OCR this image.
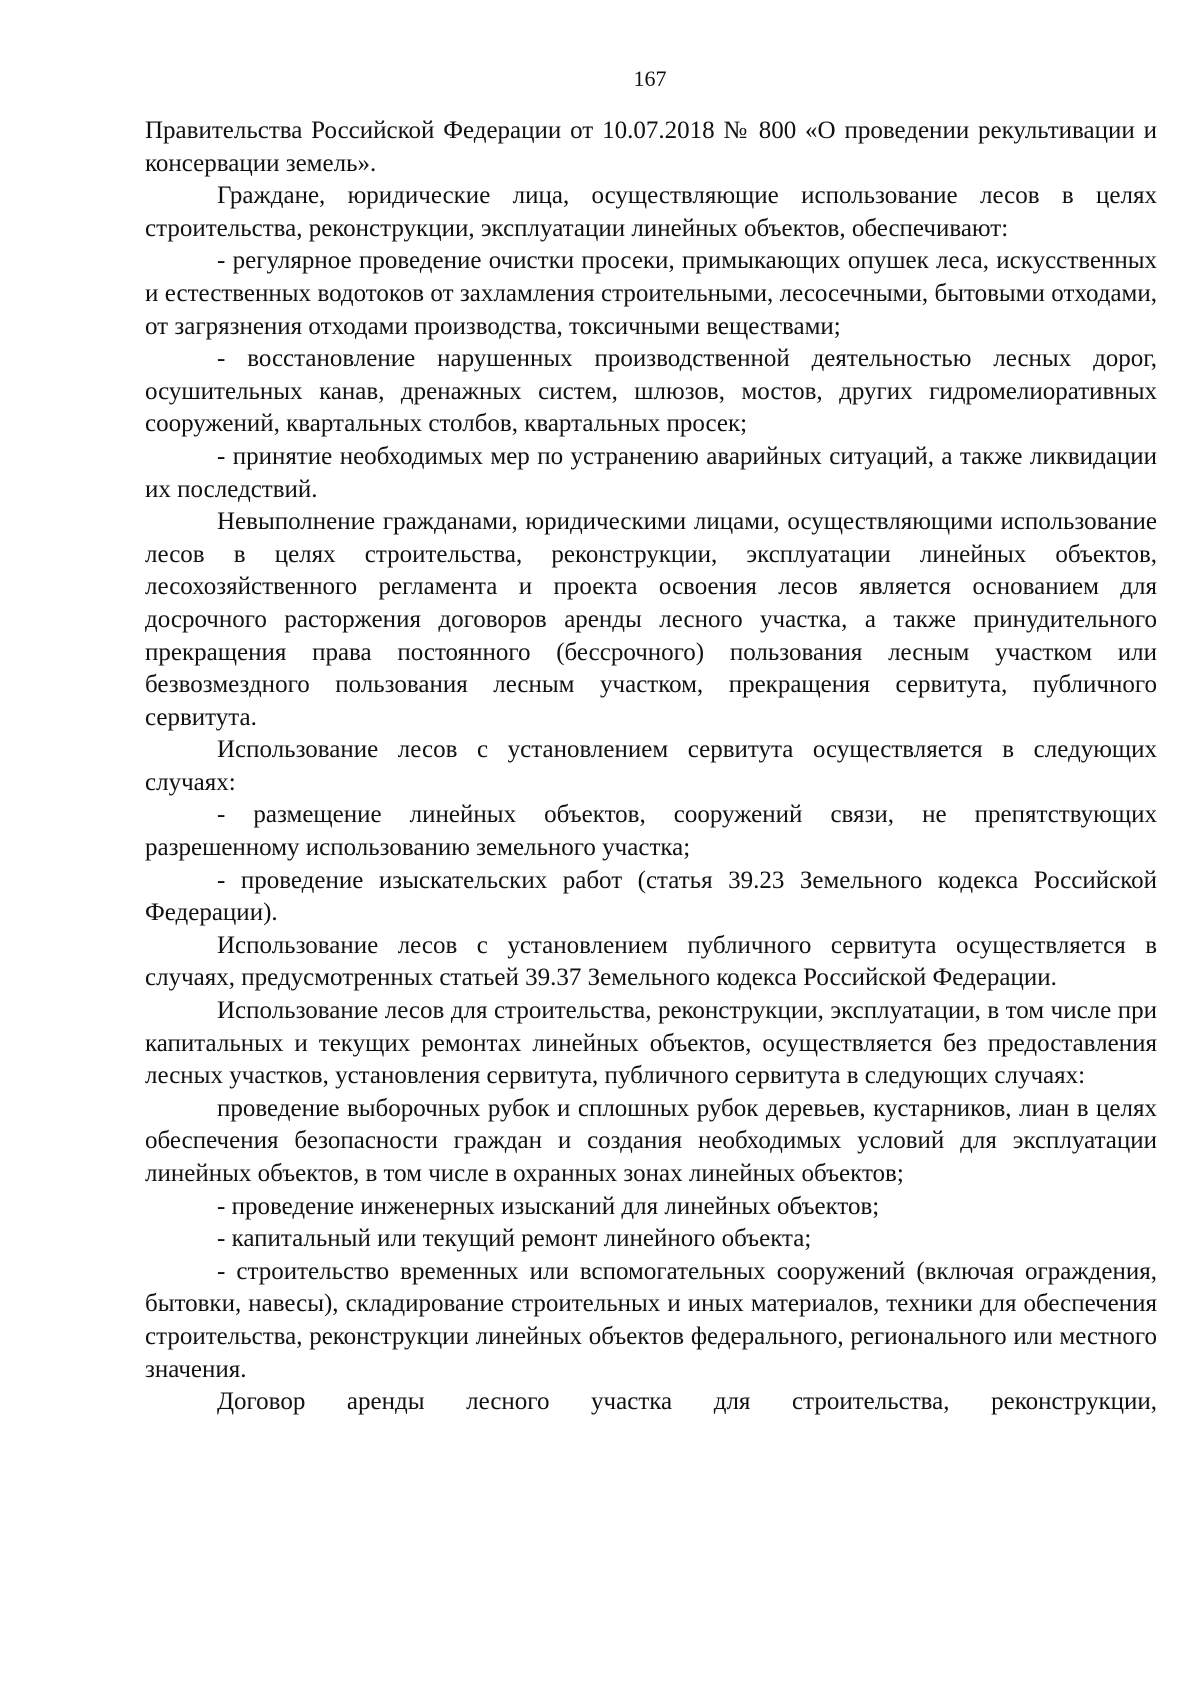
167

Правительства Российской Федерации от 10.07.2018 № 800 «О проведении рекультивации и консервации земель».

Граждане, юридические лица, осуществляющие использование лесов в целях строительства, реконструкции, эксплуатации линейных объектов, обеспечивают:

- регулярное проведение очистки просеки, примыкающих опушек леса, искусственных и естественных водотоков от захламления строительными, лесосечными, бытовыми отходами, от загрязнения отходами производства, токсичными веществами;

- восстановление нарушенных производственной деятельностью лесных дорог, осушительных канав, дренажных систем, шлюзов, мостов, других гидромелиоративных сооружений, квартальных столбов, квартальных просек;

- принятие необходимых мер по устранению аварийных ситуаций, а также ликвидации их последствий.

Невыполнение гражданами, юридическими лицами, осуществляющими использование лесов в целях строительства, реконструкции, эксплуатации линейных объектов, лесохозяйственного регламента и проекта освоения лесов является основанием для досрочного расторжения договоров аренды лесного участка, а также принудительного прекращения права постоянного (бессрочного) пользования лесным участком или безвозмездного пользования лесным участком, прекращения сервитута, публичного сервитута.

Использование лесов с установлением сервитута осуществляется в следующих случаях:

- размещение линейных объектов, сооружений связи, не препятствующих разрешенному использованию земельного участка;

- проведение изыскательских работ (статья 39.23 Земельного кодекса Российской Федерации).

Использование лесов с установлением публичного сервитута осуществляется в случаях, предусмотренных статьей 39.37 Земельного кодекса Российской Федерации.

Использование лесов для строительства, реконструкции, эксплуатации, в том числе при капитальных и текущих ремонтах линейных объектов, осуществляется без предоставления лесных участков, установления сервитута, публичного сервитута в следующих случаях:

проведение выборочных рубок и сплошных рубок деревьев, кустарников, лиан в целях обеспечения безопасности граждан и создания необходимых условий для эксплуатации линейных объектов, в том числе в охранных зонах линейных объектов;

- проведение инженерных изысканий для линейных объектов;

- капитальный или текущий ремонт линейного объекта;

- строительство временных или вспомогательных сооружений (включая ограждения, бытовки, навесы), складирование строительных и иных материалов, техники для обеспечения строительства, реконструкции линейных объектов федерального, регионального или местного значения.

Договор аренды лесного участка для строительства, реконструкции,
